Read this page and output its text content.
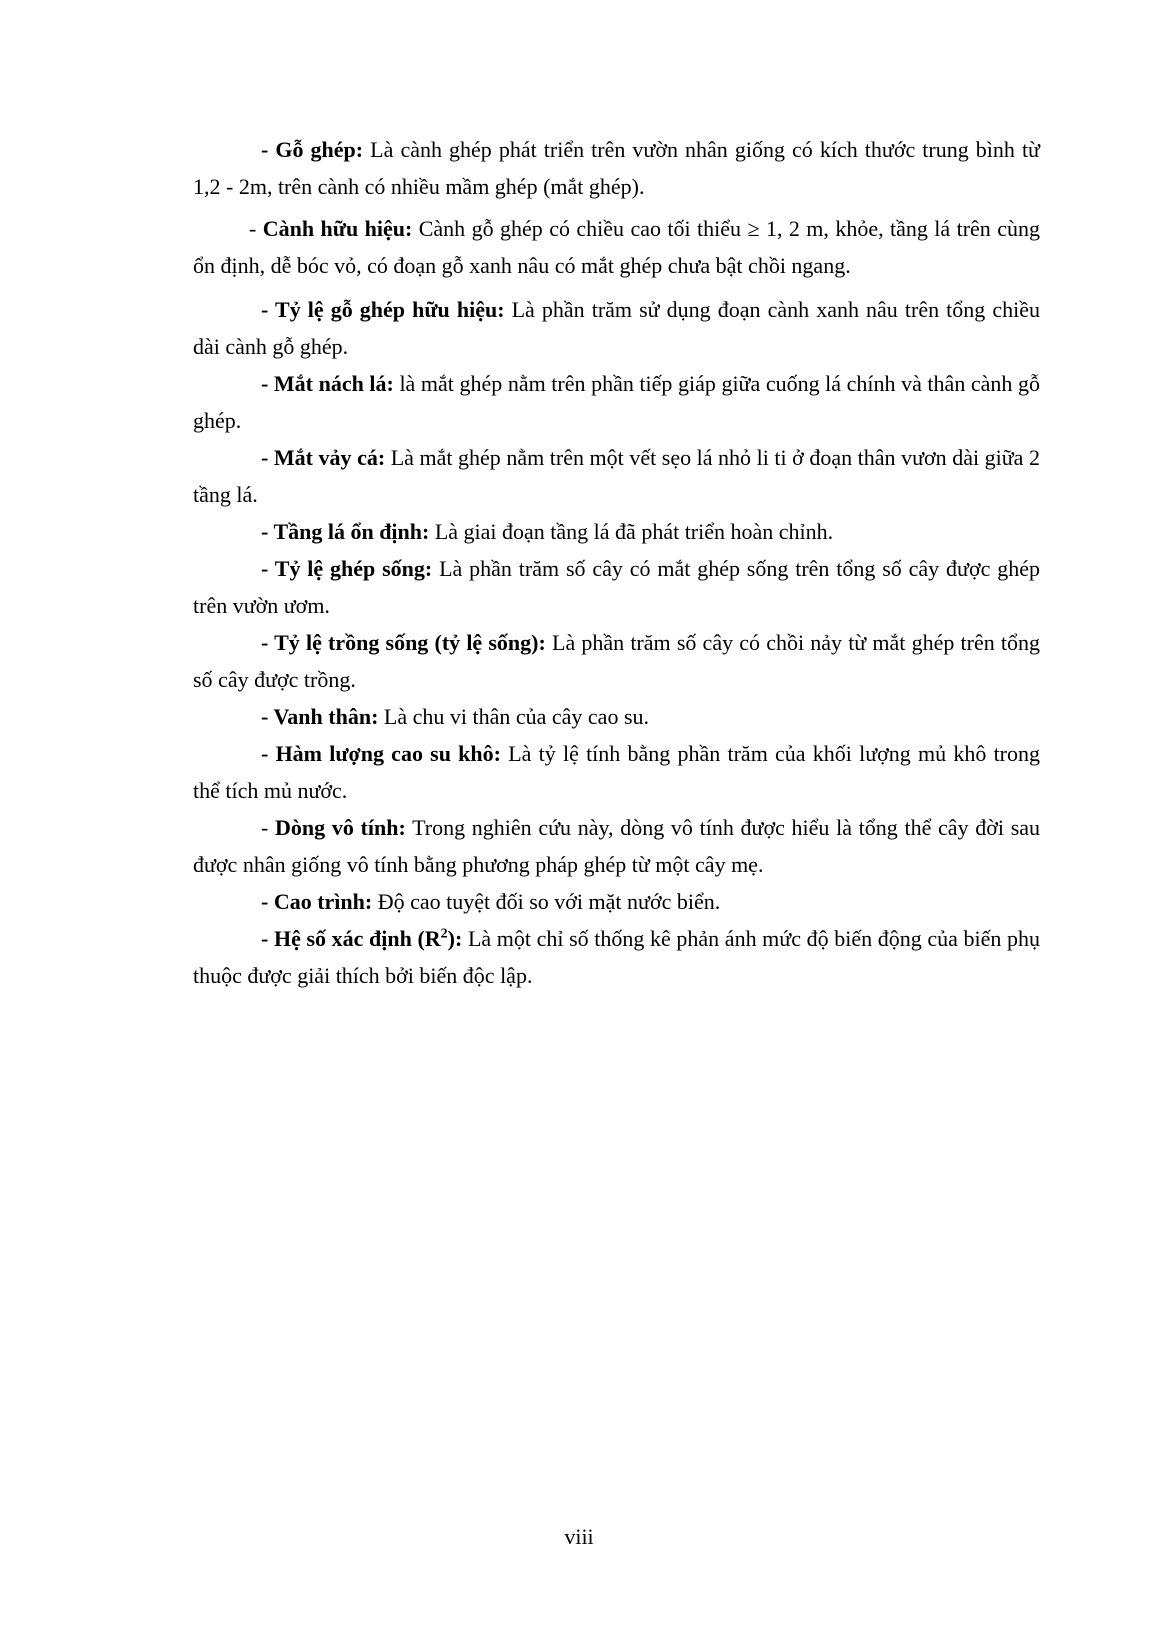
- Gỗ ghép: Là cành ghép phát triển trên vườn nhân giống có kích thước trung bình từ 1,2 - 2m, trên cành có nhiều mầm ghép (mắt ghép).

- Cành hữu hiệu: Cành gỗ ghép có chiều cao tối thiểu ≥ 1, 2 m, khỏe, tầng lá trên cùng ổn định, dễ bóc vỏ, có đoạn gỗ xanh nâu có mắt ghép chưa bật chồi ngang.

- Tỷ lệ gỗ ghép hữu hiệu: Là phần trăm sử dụng đoạn cành xanh nâu trên tổng chiều dài cành gỗ ghép.

- Mắt nách lá: là mắt ghép nằm trên phần tiếp giáp giữa cuống lá chính và thân cành gỗ ghép.

- Mắt vảy cá: Là mắt ghép nằm trên một vết sẹo lá nhỏ li ti ở đoạn thân vươn dài giữa 2 tầng lá.

- Tầng lá ổn định: Là giai đoạn tầng lá đã phát triển hoàn chỉnh.

- Tỷ lệ ghép sống: Là phần trăm số cây có mắt ghép sống trên tổng số cây được ghép trên vườn ươm.

- Tỷ lệ trồng sống (tỷ lệ sống): Là phần trăm số cây có chồi nảy từ mắt ghép trên tổng số cây được trồng.

- Vanh thân: Là chu vi thân của cây cao su.

- Hàm lượng cao su khô: Là tỷ lệ tính bằng phần trăm của khối lượng mủ khô trong thể tích mủ nước.

- Dòng vô tính: Trong nghiên cứu này, dòng vô tính được hiểu là tổng thể cây đời sau được nhân giống vô tính bằng phương pháp ghép từ một cây mẹ.

- Cao trình: Độ cao tuyệt đối so với mặt nước biển.

- Hệ số xác định $(R^2)$: Là một chỉ số thống kê phản ánh mức độ biến động của biến phụ thuộc được giải thích bởi biến độc lập.

viii
